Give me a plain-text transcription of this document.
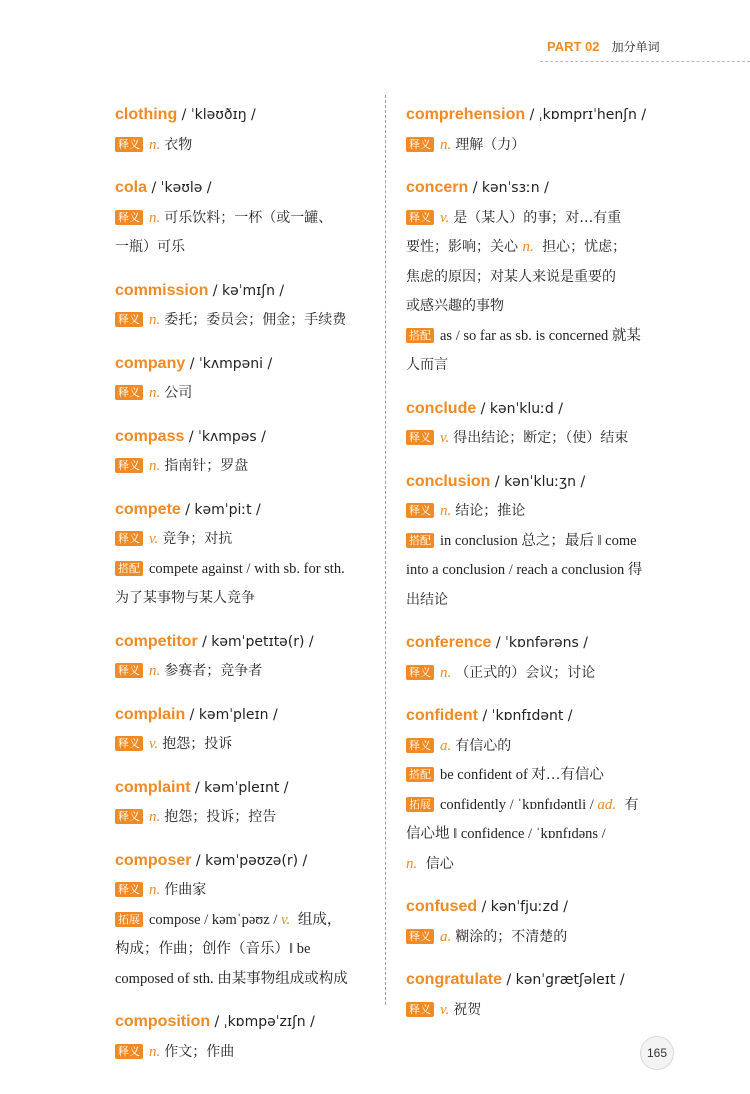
PART 02 加分单词
clothing / ˈkləʊðɪŋ /
释义 n. 衣物
cola / ˈkəʊlə /
释义 n. 可乐饮料；一杯（或一罐、
一瓶）可乐
commission / kəˈmɪʃn /
释义 n. 委托；委员会；佣金；手续费
company / ˈkʌmpəni /
释义 n. 公司
compass / ˈkʌmpəs /
释义 n. 指南针；罗盘
compete / kəmˈpiːt /
释义 v. 竞争；对抗
搭配 compete against / with sb. for sth.
为了某事物与某人竞争
competitor / kəmˈpetɪtə(r) /
释义 n. 参赛者；竞争者
complain / kəmˈpleɪn /
释义 v. 抱怨；投诉
complaint / kəmˈpleɪnt /
释义 n. 抱怨；投诉；控告
composer / kəmˈpəʊzə(r) /
释义 n. 作曲家
拓展 compose / kəmˈpəʊz / v. 组成，
构成；作曲；创作（音乐）‖ be
composed of sth. 由某事物组成或构成
composition / ˌkɒmpəˈzɪʃn /
释义 n. 作文；作曲
comprehension / ˌkɒmprɪˈhenʃn /
释义 n. 理解（力）
concern / kənˈsɜːn /
释义 v. 是（某人）的事；对…有重
要性；影响；关心 n. 担心；忧虑；
焦虑的原因；对某人来说是重要的
或感兴趣的事物
搭配 as / so far as sb. is concerned 就某
人而言
conclude / kənˈkluːd /
释义 v. 得出结论；断定；（使）结束
conclusion / kənˈkluːʒn /
释义 n. 结论；推论
搭配 in conclusion 总之；最后 ‖ come
into a conclusion / reach a conclusion 得
出结论
conference / ˈkɒnfərəns /
释义 n. （正式的）会议；讨论
confident / ˈkɒnfɪdənt /
释义 a. 有信心的
搭配 be confident of 对…有信心
拓展 confidently / ˈkɒnfɪdəntli / ad. 有
信心地 ‖ confidence / ˈkɒnfɪdəns /
n. 信心
confused / kənˈfjuːzd /
释义 a. 糊涂的；不清楚的
congratulate / kənˈgrætʃəleɪt /
释义 v. 祝贺
165
